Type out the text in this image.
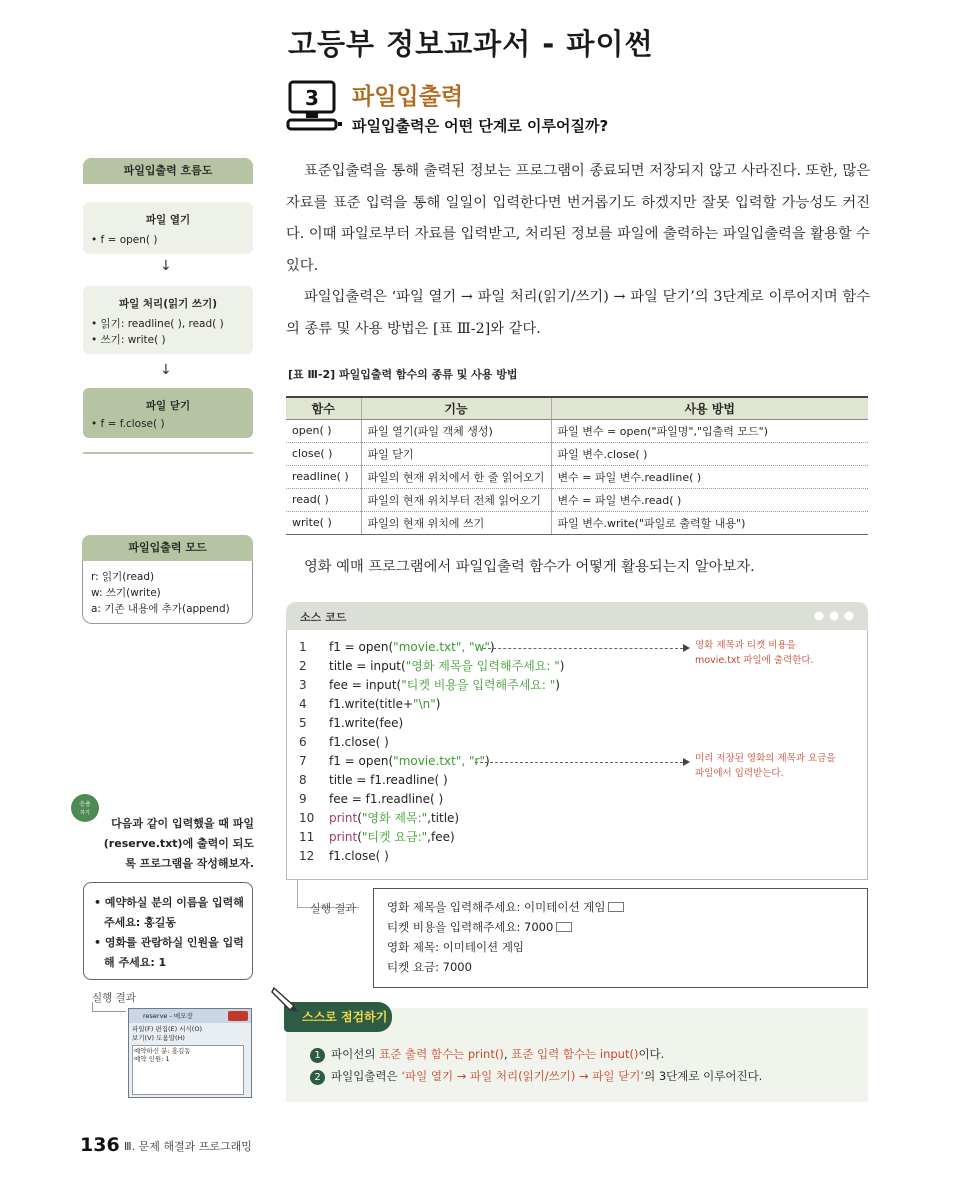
고등부 정보교과서 - 파이썬
3 파일입출력
파일입출력은 어떤 단계로 이루어질까?
표준입출력을 통해 출력된 정보는 프로그램이 종료되면 저장되지 않고 사라진다. 또한, 많은 자료를 표준 입력을 통해 일일이 입력한다면 번거롭기도 하겠지만 잘못 입력할 가능성도 커진다. 이때 파일로부터 자료를 입력받고, 처리된 정보를 파일에 출력하는 파일입출력을 활용할 수 있다.
파일입출력은 ‘파일 열기 → 파일 처리(읽기/쓰기) → 파일 닫기’의 3단계로 이루어지며 함수의 종류 및 사용 방법은 [표 Ⅲ-2]와 같다.
[표 Ⅲ-2] 파일입출력 함수의 종류 및 사용 방법
함수	기능	사용 방법
open( )	파일 열기(파일 객체 생성)	파일 변수 = open("파일명","입출력 모드")
close( )	파일 닫기	파일 변수.close( )
readline( )	파일의 현재 위치에서 한 줄 읽어오기	변수 = 파일 변수.readline( )
read( )	파일의 현재 위치부터 전체 읽어오기	변수 = 파일 변수.read( )
write( )	파일의 현재 위치에 쓰기	파일 변수.write("파일로 출력할 내용")
영화 예매 프로그램에서 파일입출력 함수가 어떻게 활용되는지 알아보자.
소스 코드
1 f1 = open("movie.txt", "w")
2 title = input("영화 제목을 입력해주세요: ")
3 fee = input("티켓 비용을 입력해주세요: ")
4 f1.write(title+"\n")
5 f1.write(fee)
6 f1.close( )
7 f1 = open("movie.txt", "r")
8 title = f1.readline( )
9 fee = f1.readline( )
10 print("영화 제목:",title)
11 print("티켓 요금:",fee)
12 f1.close( )
영화 제목과 티켓 비용을
movie.txt 파일에 출력한다.
미리 저장된 영화의 제목과 요금을
파일에서 입력받는다.
실행 결과	영화 제목을 입력해주세요: 이미테이션 게임
티켓 비용을 입력해주세요: 7000
영화 제목: 이미테이션 게임
티켓 요금: 7000
스스로 점검하기
1 파이선의 표준 출력 함수는 print(), 표준 입력 함수는 input()이다.
2 파일입출력은 ‘파일 열기 → 파일 처리(읽기/쓰기) → 파일 닫기’의 3단계로 이루어진다.
파일입출력 흐름도
파일 열기
• f = open( )
↓
파일 처리(읽기 쓰기)
• 읽기: readline( ), read( )
• 쓰기: write( )
↓
파일 닫기
• f = f.close( )
파일입출력 모드
r: 읽기(read)
w: 쓰기(write)
a: 기존 내용에 추가(append)
응용
하기
다음과 같이 입력했을 때 파일(reserve.txt)에 출력이 되도록 프로그램을 작성해보자.
• 예약하실 분의 이름을 입력해 주세요: 홍길동
• 영화를 관람하실 인원을 입력해 주세요: 1
실행 결과
reserve - 메모장
파일(F) 편집(E) 서식(O)
보기(V) 도움말(H)
예약하신 분: 홍길동
예약 인원: 1
136 Ⅲ. 문제 해결과 프로그래밍
